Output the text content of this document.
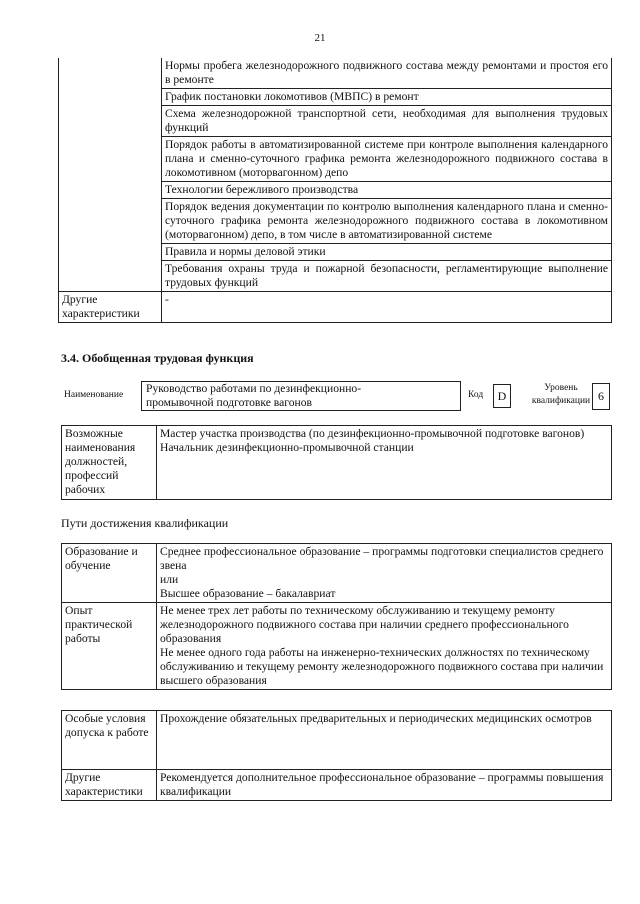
21
	Нормы пробега железнодорожного подвижного состава между ремонтами и простоя его в ремонте
	График постановки локомотивов (МВПС) в ремонт
	Схема железнодорожной транспортной сети, необходимая для выполнения трудовых функций
	Порядок работы в автоматизированной системе при контроле выполнения календарного плана и сменно-суточного графика ремонта железнодорожного подвижного состава в локомотивном (моторвагонном) депо
	Технологии бережливого производства
	Порядок ведения документации по контролю выполнения календарного плана и сменно-суточного графика ремонта железнодорожного подвижного состава в локомотивном (моторвагонном) депо, в том числе в автоматизированной системе
	Правила и нормы деловой этики
	Требования охраны труда и пожарной безопасности, регламентирующие выполнение трудовых функций
Другие характеристики	-
3.4. Обобщенная трудовая функция
Наименование Руководство работами по дезинфекционно-
промывочной подготовке вагонов
Код D
Уровень
квалификации 6
Возможные наименования должностей, профессий рабочих	
Мастер участка производства (по дезинфекционно-промывочной подготовке вагонов)
Начальник дезинфекционно-промывочной станции
Пути достижения квалификации
Образование и обучение	Среднее профессиональное образование – программы подготовки специалистов среднего звена
или
Высшее образование – бакалавриат

Опыт практической работы	Не менее трех лет работы по техническому обслуживанию и текущему ремонту железнодорожного подвижного состава при наличии среднего профессионального образования
Не менее одного года работы на инженерно-технических должностях по техническому обслуживанию и текущему ремонту железнодорожного подвижного состава при наличии высшего образования
Особые условия допуска к работе	Прохождение обязательных предварительных и периодических медицинских осмотров
Другие характеристики	Рекомендуется дополнительное профессиональное образование – программы повышения квалификации
